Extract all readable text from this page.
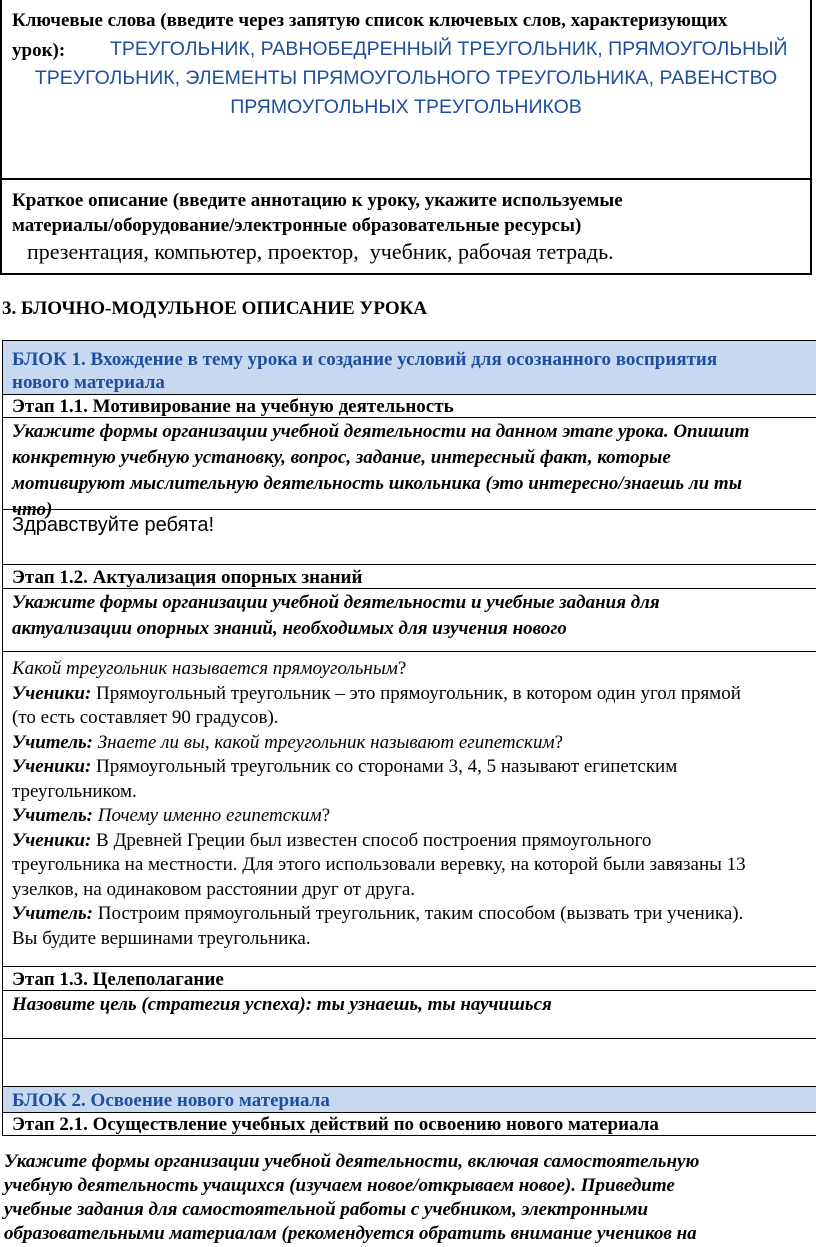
Ключевые слова (введите через запятую список ключевых слов, характеризующих
урок): ТРЕУГОЛЬНИК, РАВНОБЕДРЕННЫЙ ТРЕУГОЛЬНИК, ПРЯМОУГОЛЬНЫЙ
ТРЕУГОЛЬНИК, ЭЛЕМЕНТЫ ПРЯМОУГОЛЬНОГО ТРЕУГОЛЬНИКА, РАВЕНСТВО
ПРЯМОУГОЛЬНЫХ ТРЕУГОЛЬНИКОВ
Краткое описание (введите аннотацию к уроку, укажите используемые
материалы/оборудование/электронные образовательные ресурсы)
презентация, компьютер, проектор,  учебник, рабочая тетрадь.
3. БЛОЧНО-МОДУЛЬНОЕ ОПИСАНИЕ УРОКА
БЛОК 1. Вхождение в тему урока и создание условий для осознанного восприятия
нового материала
Этап 1.1. Мотивирование на учебную деятельность
Укажите формы организации учебной деятельности на данном этапе урока. Опишит
конкретную учебную установку, вопрос, задание, интересный факт, которые
мотивируют мыслительную деятельность школьника (это интересно/знаешь ли ты
что)
Здравствуйте ребята!
Этап 1.2. Актуализация опорных знаний
Укажите формы организации учебной деятельности и учебные задания для
актуализации опорных знаний, необходимых для изучения нового
Какой треугольник называется прямоугольным?
Ученики: Прямоугольный треугольник – это прямоугольник, в котором один угол прямой
(то есть составляет 90 градусов).
Учитель: Знаете ли вы, какой треугольник называют египетским?
Ученики: Прямоугольный треугольник со сторонами 3, 4, 5 называют египетским
треугольником.
Учитель: Почему именно египетским?
Ученики: В Древней Греции был известен способ построения прямоугольного
треугольника на местности. Для этого использовали веревку, на которой были завязаны 13
узелков, на одинаковом расстоянии друг от друга.
Учитель: Построим прямоугольный треугольник, таким способом (вызвать три ученика).
Вы будите вершинами треугольника.
Этап 1.3. Целеполагание
Назовите цель (стратегия успеха): ты узнаешь, ты научишься
БЛОК 2. Освоение нового материала
Этап 2.1. Осуществление учебных действий по освоению нового материала
Укажите формы организации учебной деятельности, включая самостоятельную
учебную деятельность учащихся (изучаем новое/открываем новое). Приведите
учебные задания для самостоятельной работы с учебником, электронными
образовательными материалам (рекомендуется обратить внимание учеников на
